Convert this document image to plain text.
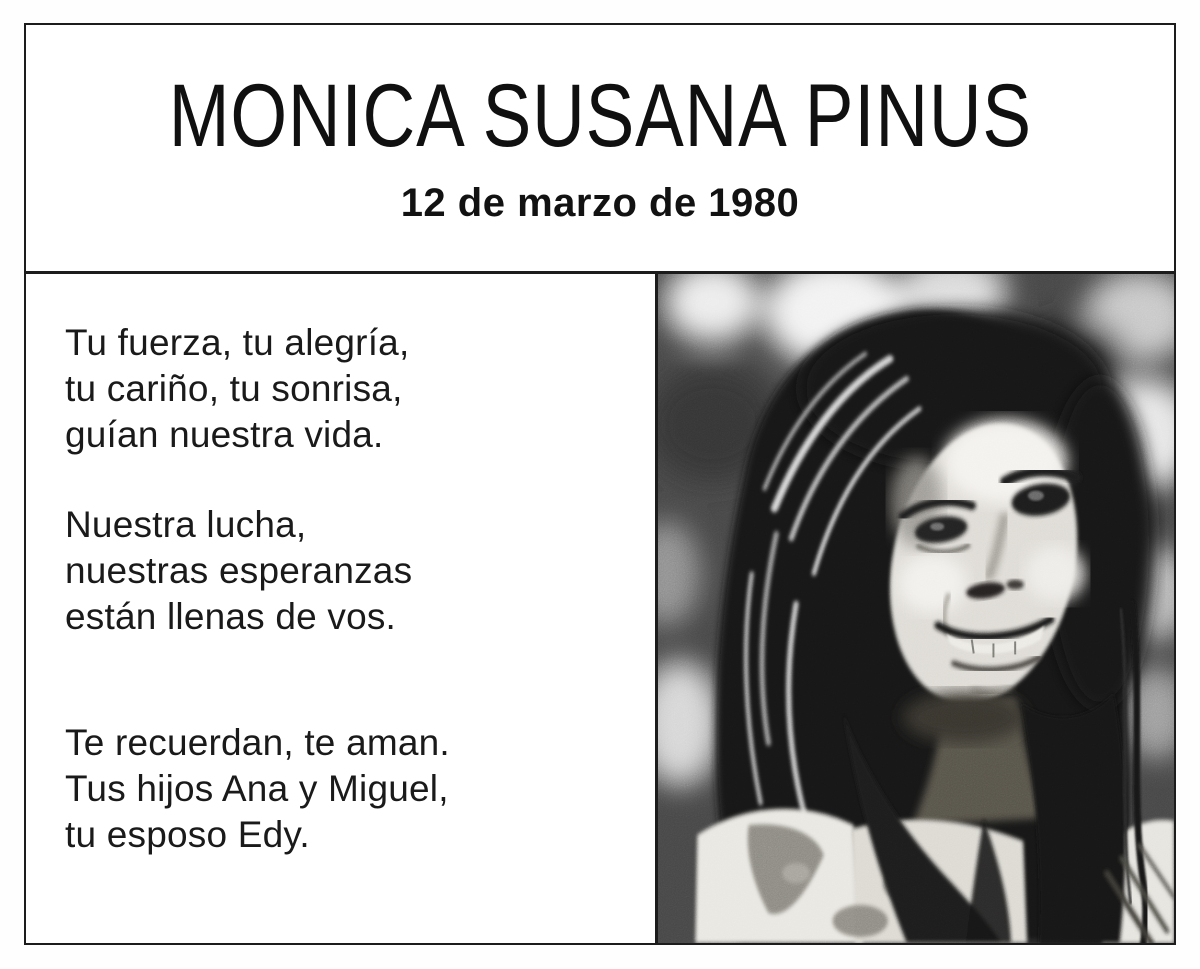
MONICA SUSANA PINUS
12 de marzo de 1980
Tu fuerza, tu alegría,
tu cariño, tu sonrisa,
guían nuestra vida.
Nuestra lucha,
nuestras esperanzas
están llenas de vos.
Te recuerdan, te aman.
Tus hijos Ana y Miguel,
tu esposo Edy.
